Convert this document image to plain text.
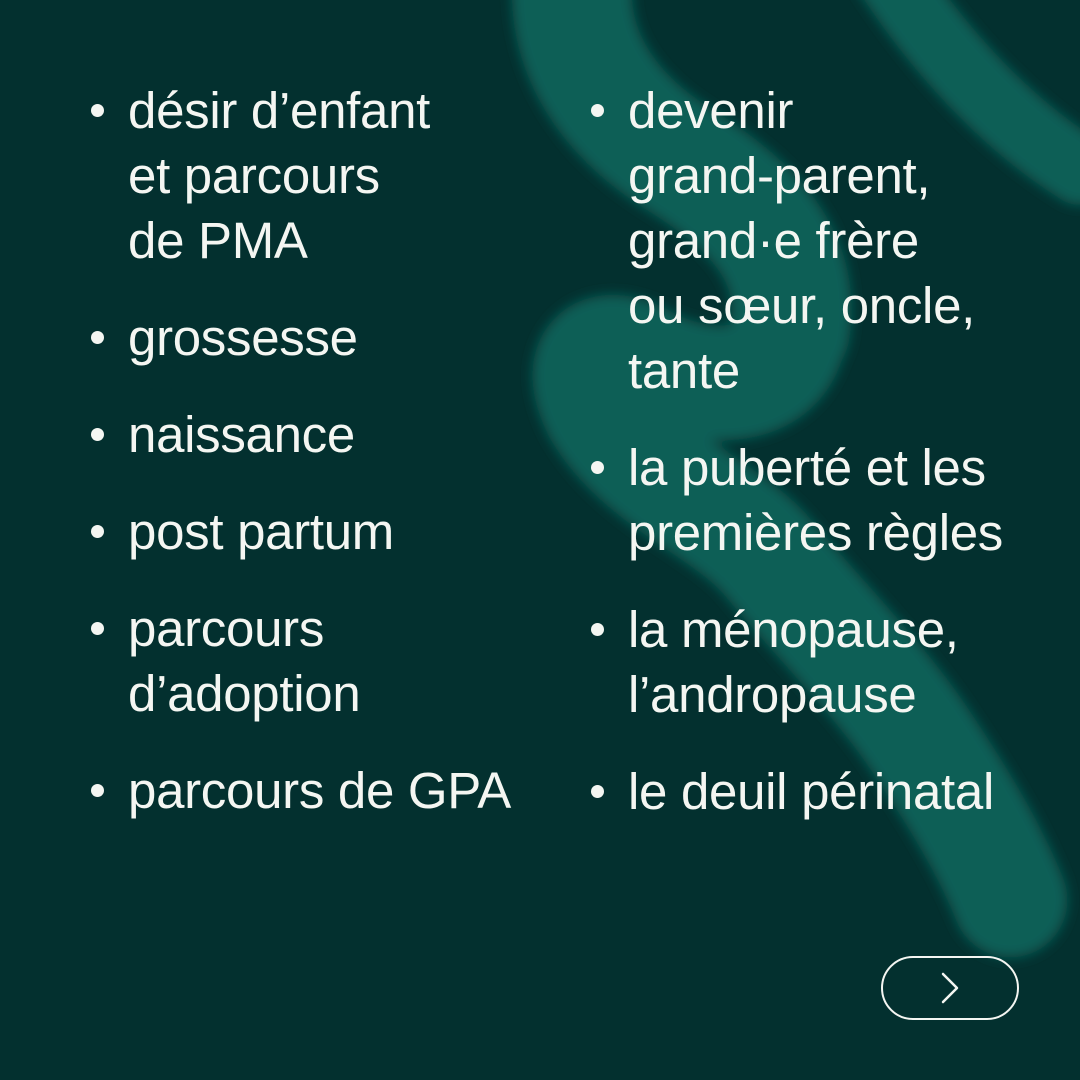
désir d’enfant
et parcours
de PMA
grossesse
naissance
post partum
parcours
d’adoption
parcours de GPA
devenir
grand-parent,
grand·e frère
ou sœur, oncle,
tante
la puberté et les
premières règles
la ménopause,
l’andropause
le deuil périnatal
